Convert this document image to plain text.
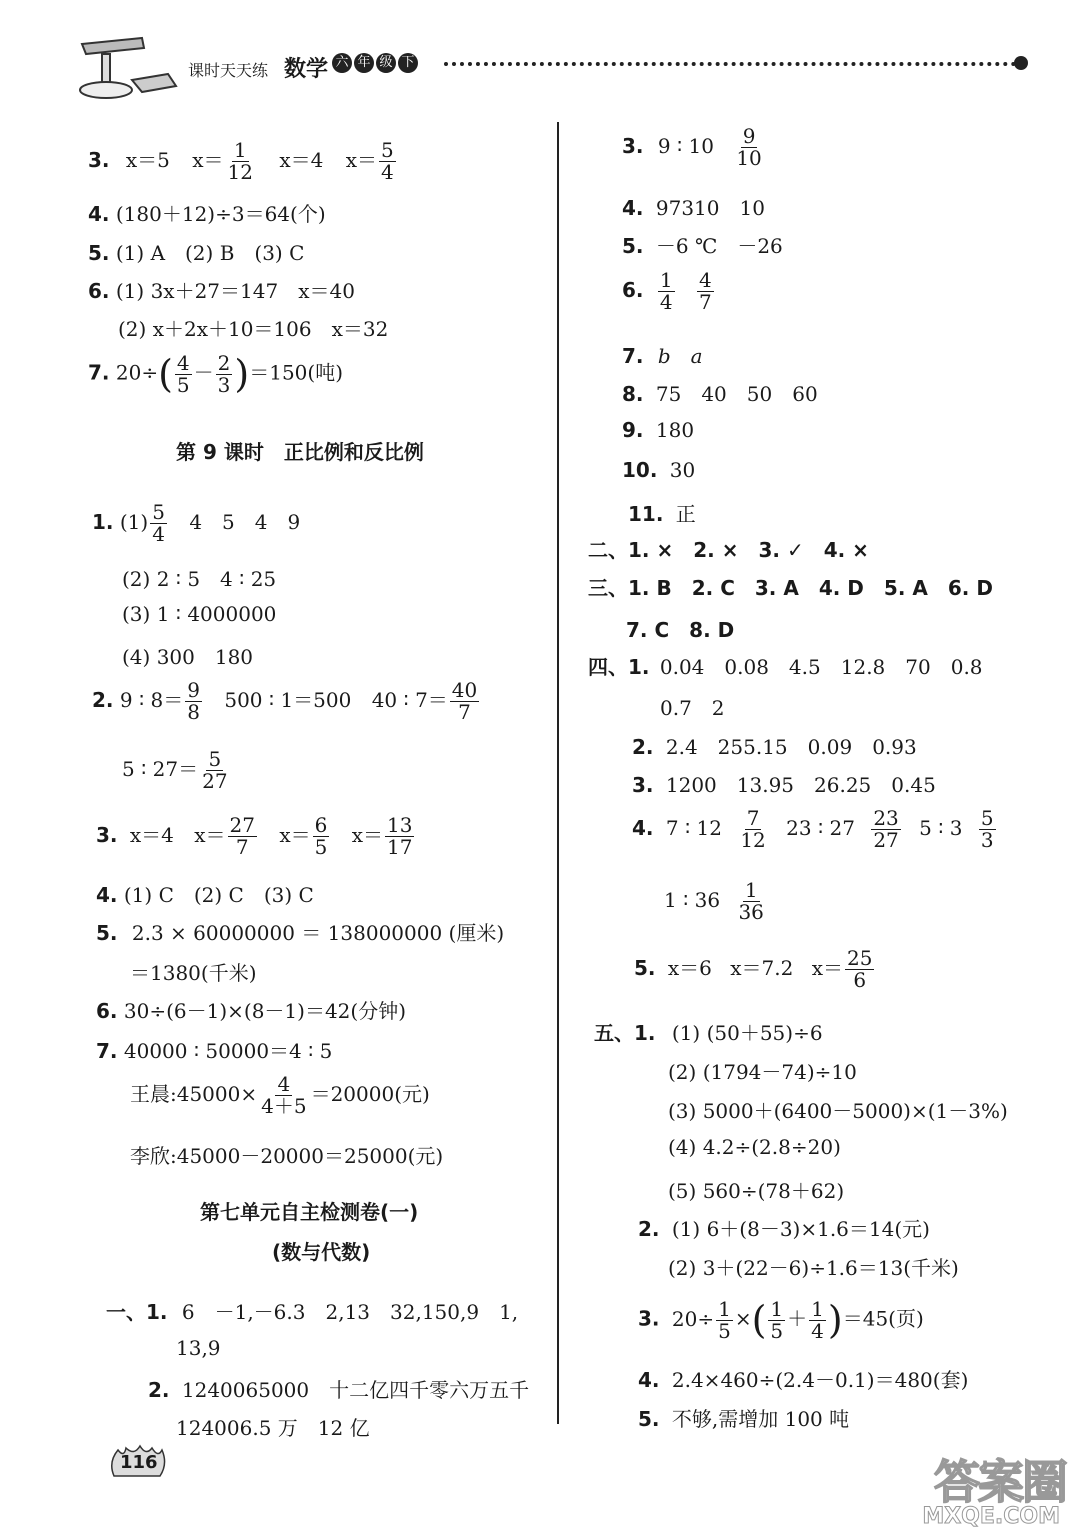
课时天天练 数学 六 年 级 下
3. x＝5 $x= \frac{1}{12} x=4$ $x= \frac{5}{4}$
4. (180＋12)÷3＝64(个)
5. (1) A　(2) B　(3) C
6. (1) 3x＋27＝147　x＝40
(2) x＋2x＋10＝106　x＝32
7. $20\div( \frac{4}{5} - \frac{2}{3} )=150$(吨)
第 9 课时　正比例和反比例
1. $(1) \frac{5}{4} 4$　5　4　9
(2) 2 ∶ 5　4 ∶ 25
(3) 1 ∶ 4000000
(4) 300　180
2. 9 ∶ $8= \frac{9}{8} 500$ ∶ 1＝500 40 ∶ $7= \frac{40}{7}$
5 ∶ $27= \frac{5}{27}$
3. x＝4 $x= \frac{27}{7} x= \frac{6}{5} x= \frac{13}{17}$
4. (1) C　(2) C　(3) C
5. 2.3 × 60000000 ＝ 138000000 (厘米)
＝1380(千米)
6. 30÷(6－1)×(8－1)＝42(分钟)
7. 40000 ∶ 50000＝4 ∶ 5
王晨:45000× $\frac{4}{4+5} =20000$(元)
李欣:45000－20000＝25000(元)
第七单元自主检测卷(一)
(数与代数)
一、1. 6　－1,－6.3　2,13　32,150,9　1,
13,9
2. 1240065000　十二亿四千零六万五千
124006.5 万　12 亿
116
3. 9 ∶ $10 \frac{9}{10}$
4. 97310　10
5. －6 ℃　－26
6. $\frac{1}{4}$
$\frac{4}{7}$
7. b　a
8. 75　40　50　60
9. 180
10. 30
11. 正
二、1. ×　2. ×　3. ✓　4. ×
三、1. B　2. C　3. A　4. D　5. A　6. D
7. C　8. D
四、1. 0.04　0.08　4.5　12.8　70　0.8
0.7　2
2. 2.4　255.15　0.09　0.93
3. 1200　13.95　26.25　0.45
4. 7 ∶ $12 \frac{7}{12} 23$ ∶ $27 \frac{23}{27} 5$ ∶ $3 \frac{5}{3}$
1 ∶ $36 \frac{1}{36}$
5. x＝6 x＝7.2 $x= \frac{25}{6}$
五、1. (1) (50＋55)÷6
(2) (1794－74)÷10
(3) 5000＋(6400－5000)×(1－3%)
(4) 4.2÷(2.8÷20)
(5) 560÷(78＋62)
2. (1) 6＋(8－3)×1.6＝14(元)
(2) 3＋(22－6)÷1.6＝13(千米)
3. $20\div \frac{1}{5}$ ×( $\frac{1}{5} + \frac{1}{4} )=45$(页)
4. 2.4×460÷(2.4－0.1)＝480(套)
5. 不够,需增加 100 吨
答案圈
MXQE.COM
